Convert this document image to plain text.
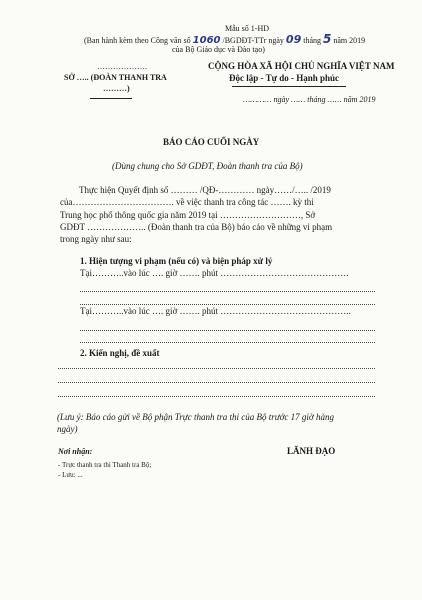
Mẫu số 1-HD
(Ban hành kèm theo Công văn số 1060 /BGDĐT-TTr ngày 09 tháng 5 năm 2019
của Bộ Giáo dục và Đào tạo)
……………….
SỞ ….. (ĐOÀN THANH TRA
………)
CỘNG HÒA XÃ HỘI CHỦ NGHĨA VIỆT NAM
Độc lập - Tự do - Hạnh phúc
………… ngày …… tháng …… năm 2019
BÁO CÁO CUỐI NGÀY
(Dùng chung cho Sở GDĐT, Đoàn thanh tra của Bộ)
Thực hiện Quyết định số ……… /QĐ-………… ngày……/….. /2019
của……………………………. về việc thanh tra công tác ……. kỳ thi
Trung học phổ thông quốc gia năm 2019 tại ………………………, Sở
GDĐT ……………….. (Đoàn thanh tra của Bộ) báo cáo về những vi phạm
trong ngày như sau:
1. Hiện tượng vi phạm (nếu có) và biện pháp xử lý
Tại………..vào lúc …. giờ ……. phút …………………………………….
Tại………..vào lúc …. giờ ……. phút ……………………………………..
2. Kiến nghị, đề xuất
(Lưu ý: Báo cáo gửi về Bộ phận Trực thanh tra thi của Bộ trước 17 giờ hàng
ngày)
Nơi nhận:
- Trực thanh tra thi Thanh tra Bộ;
- Lưu: ...
LÃNH ĐẠO
